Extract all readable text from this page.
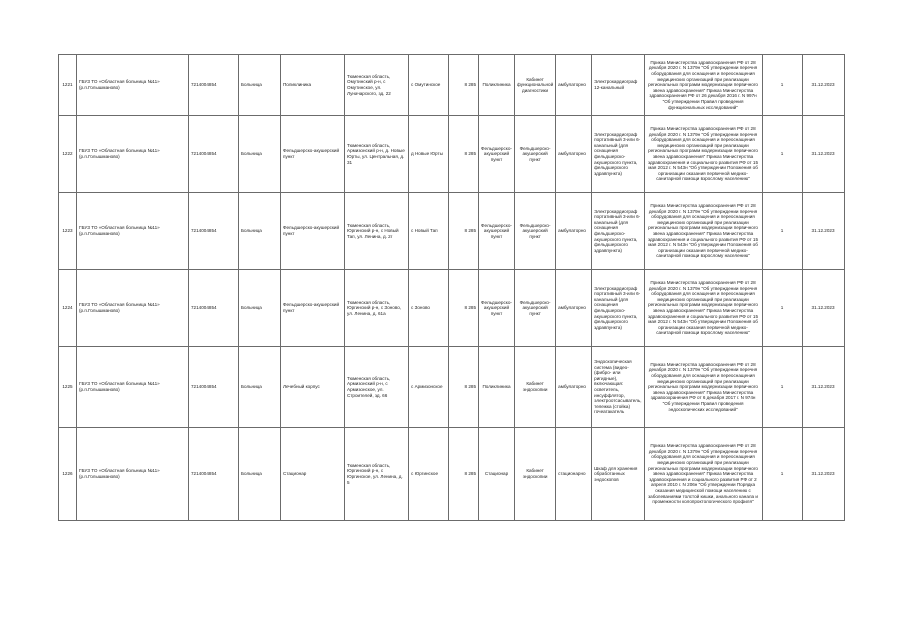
1221	ГБУЗ ТО «Областная больница №11» (р.п.Голышманово)	7214004854	Больница	Поликлиника	Тюменская область, Омутинский р-н, с Омутинское, ул. Луначарского, зд. 22	с Омутинское	8 285	Поликлиника	Кабинет функциональной диагностики	амбулаторно	Электрокардиограф 12-канальный	Приказ Министерства здравоохранения РФ от 28 декабря 2020 г. N 1379н "Об утверждении перечня оборудования для оснащения и переоснащения медицинских организаций при реализации региональных программ модернизации первичного звена здравоохранения" Приказ Министерства здравоохранения РФ от 26 декабря 2016 г. N 997н "Об утверждении Правил проведения функциональных исследований"	1	31.12.2023
1222	ГБУЗ ТО «Областная больница №11» (р.п.Голышманово)	7214004854	Больница	Фельдшерско-акушерский пункт	Тюменская область, Армизонский р-н, д. Новые Юрты, ул. Центральная, д. 31	д Новые Юрты	8 285	Фельдшерско-акушерский пункт	Фельдшерско-акушерский пункт	амбулаторно	Электрокардиограф портативный 3-или 6-канальный (для оснащения фельдшерско-акушерского пункта, фельдшерского здравпункта)	Приказ Министерства здравоохранения РФ от 28 декабря 2020 г. N 1379н "Об утверждении перечня оборудования для оснащения и переоснащения медицинских организаций при реализации региональных программ модернизации первичного звена здравоохранения" Приказ Министерства здравоохранения и социального развития РФ от 15 мая 2012 г. N 543н "Об утверждении Положения об организации оказания первичной медико-санитарной помощи взрослому населению"	1	31.12.2023
1223	ГБУЗ ТО «Областная больница №11» (р.п.Голышманово)	7214004854	Больница	Фельдшерско-акушерский пункт	Тюменская область, Юргинский р-н, с Новый Тап, ул. Ленина, д. 2г	с Новый Тап	8 285	Фельдшерско-акушерский пункт	Фельдшерско-акушерский пункт	амбулаторно	Электрокардиограф портативный 3-или 6-канальный (для оснащения фельдшерско-акушерского пункта, фельдшерского здравпункта)	Приказ Министерства здравоохранения РФ от 28 декабря 2020 г. N 1379н "Об утверждении перечня оборудования для оснащения и переоснащения медицинских организаций при реализации региональных программ модернизации первичного звена здравоохранения" Приказ Министерства здравоохранения и социального развития РФ от 15 мая 2012 г. N 543н "Об утверждении Положения об организации оказания первичной медико-санитарной помощи взрослому населению"	1	31.12.2023
1224	ГБУЗ ТО «Областная больница №11» (р.п.Голышманово)	7214004854	Больница	Фельдшерско-акушерский пункт	Тюменская область, Юргинский р-н, с Зоново, ул. Ленина, д. 61а	с Зоново	8 285	Фельдшерско-акушерский пункт	Фельдшерско-акушерский пункт	амбулаторно	Электрокардиограф портативный 3-или 6-канальный (для оснащения фельдшерско-акушерского пункта, фельдшерского здравпункта)	Приказ Министерства здравоохранения РФ от 28 декабря 2020 г. N 1379н "Об утверждении перечня оборудования для оснащения и переоснащения медицинских организаций при реализации региональных программ модернизации первичного звена здравоохранения" Приказ Министерства здравоохранения и социального развития РФ от 15 мая 2012 г. N 543н "Об утверждении Положения об организации оказания первичной медико-санитарной помощи взрослому населению"	1	31.12.2023
1225	ГБУЗ ТО «Областная больница №11» (р.п.Голышманово)	7214004854	Больница	Лечебный корпус	Тюменская область, Армизонский р-н, с Армизонское, ул. Строителей, зд. 66	с Армизонское	8 285	Поликлиника	Кабинет эндоскопии	амбулаторно	Эндоскопическая система (видео-(фибро- или ригидные), включающая: осветитель, инсуффлятор, электроотсасыватель, тележка (стойка) гочеатакатель	Приказ Министерства здравоохранения РФ от 28 декабря 2020 г. N 1379н "Об утверждении перечня оборудования для оснащения и переоснащения медицинских организаций при реализации региональных программ модернизации первичного звена здравоохранения" Приказ Министерства здравоохранения РФ от 6 декабря 2017 г. N 974н "Об утверждении Правил проведения эндоскопических исследований"	1	31.12.2023
1226	ГБУЗ ТО «Областная больница №11» (р.п.Голышманово)	7214004854	Больница	Стационар	Тюменская область, Юргинский р-н, с Юргинское, ул. Ленина, д. 5	с Юргинское	8 285	Стационар	Кабинет эндоскопии	стационарно	Шкаф для хранения обработанных эндоскопов	Приказ Министерства здравоохранения РФ от 28 декабря 2020 г. N 1379н "Об утверждении перечня оборудования для оснащения и переоснащения медицинских организаций при реализации региональных программ модернизации первичного звена здравоохранения" Приказ Министерства здравоохранения и социального развития РФ от 2 апреля 2010 г. N 206н "Об утверждении Порядка оказания медицинской помощи населению с заболеваниями толстой кишки, анального канала и промежности колопроктологического профиля"	1	31.12.2023
